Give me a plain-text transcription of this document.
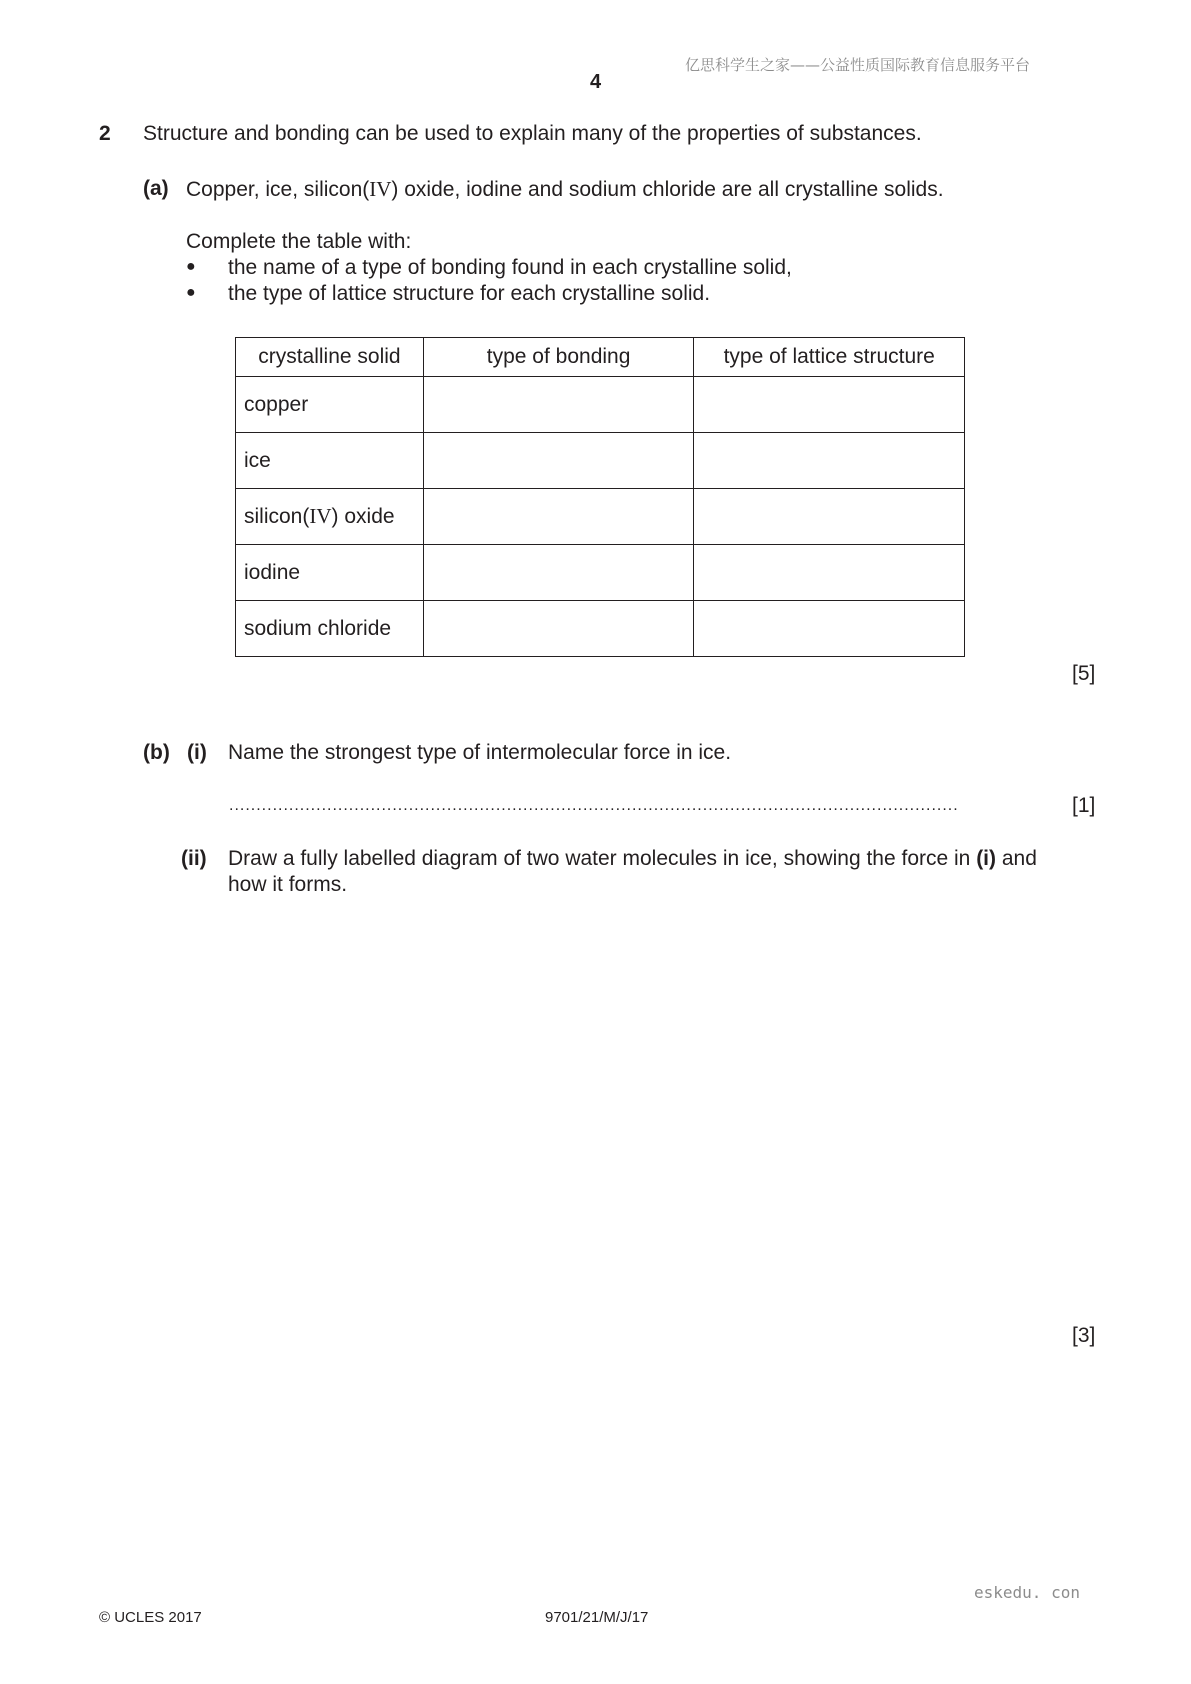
亿思科学生之家——公益性质国际教育信息服务平台
4
2 Structure and bonding can be used to explain many of the properties of substances.
(a) Copper, ice, silicon(IV) oxide, iodine and sodium chloride are all crystalline solids.
Complete the table with:
● the name of a type of bonding found in each crystalline solid,
● the type of lattice structure for each crystalline solid.
crystalline solid	type of bonding	type of lattice structure
copper		
ice		
silicon(IV) oxide		
iodine		
sodium chloride		
[5]
(b) (i) Name the strongest type of intermolecular force in ice.
......................................................................................................................................	[1]
(ii) Draw a fully labelled diagram of two water molecules in ice, showing the force in (i) and
how it forms.
[3]
eskedu. con
© UCLES 2017	9701/21/M/J/17
